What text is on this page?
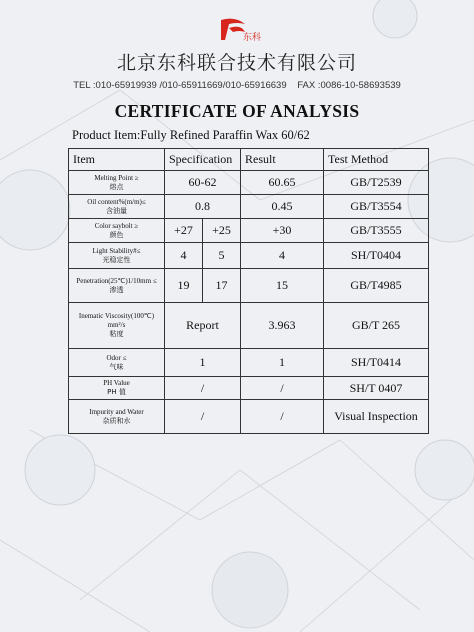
东科
北京东科联合技术有限公司
TEL :010-65919939 /010-65911669/010-65916639 FAX :0086-10-58693539
CERTIFICATE OF ANALYSIS
Product Item:Fully Refined Paraffin Wax 60/62
Item	Specification		Result	Test Method
Melting Point ≥
熔点	60-62		60.65	GB/T2539
Oil content%(m/m)≤
含油量	0.8		0.45	GB/T3554
Color saybolt ≥
颜色	+27	+25	+30	GB/T3555
Light Stability#≤
光稳定性	4	5	4	SH/T0404
Penetration(25℃)1/10mm ≤
渗透	19	17	15	GB/T4985
Inematic Viscosity(100℃) mm²/s
粘度	Report		3.963	GB/T 265
Odor ≤
气味	1		1	SH/T0414
PH Value
PH 值	/		/	SH/T 0407
Impurity and Water
杂质和水	/		/	Visual Inspection
